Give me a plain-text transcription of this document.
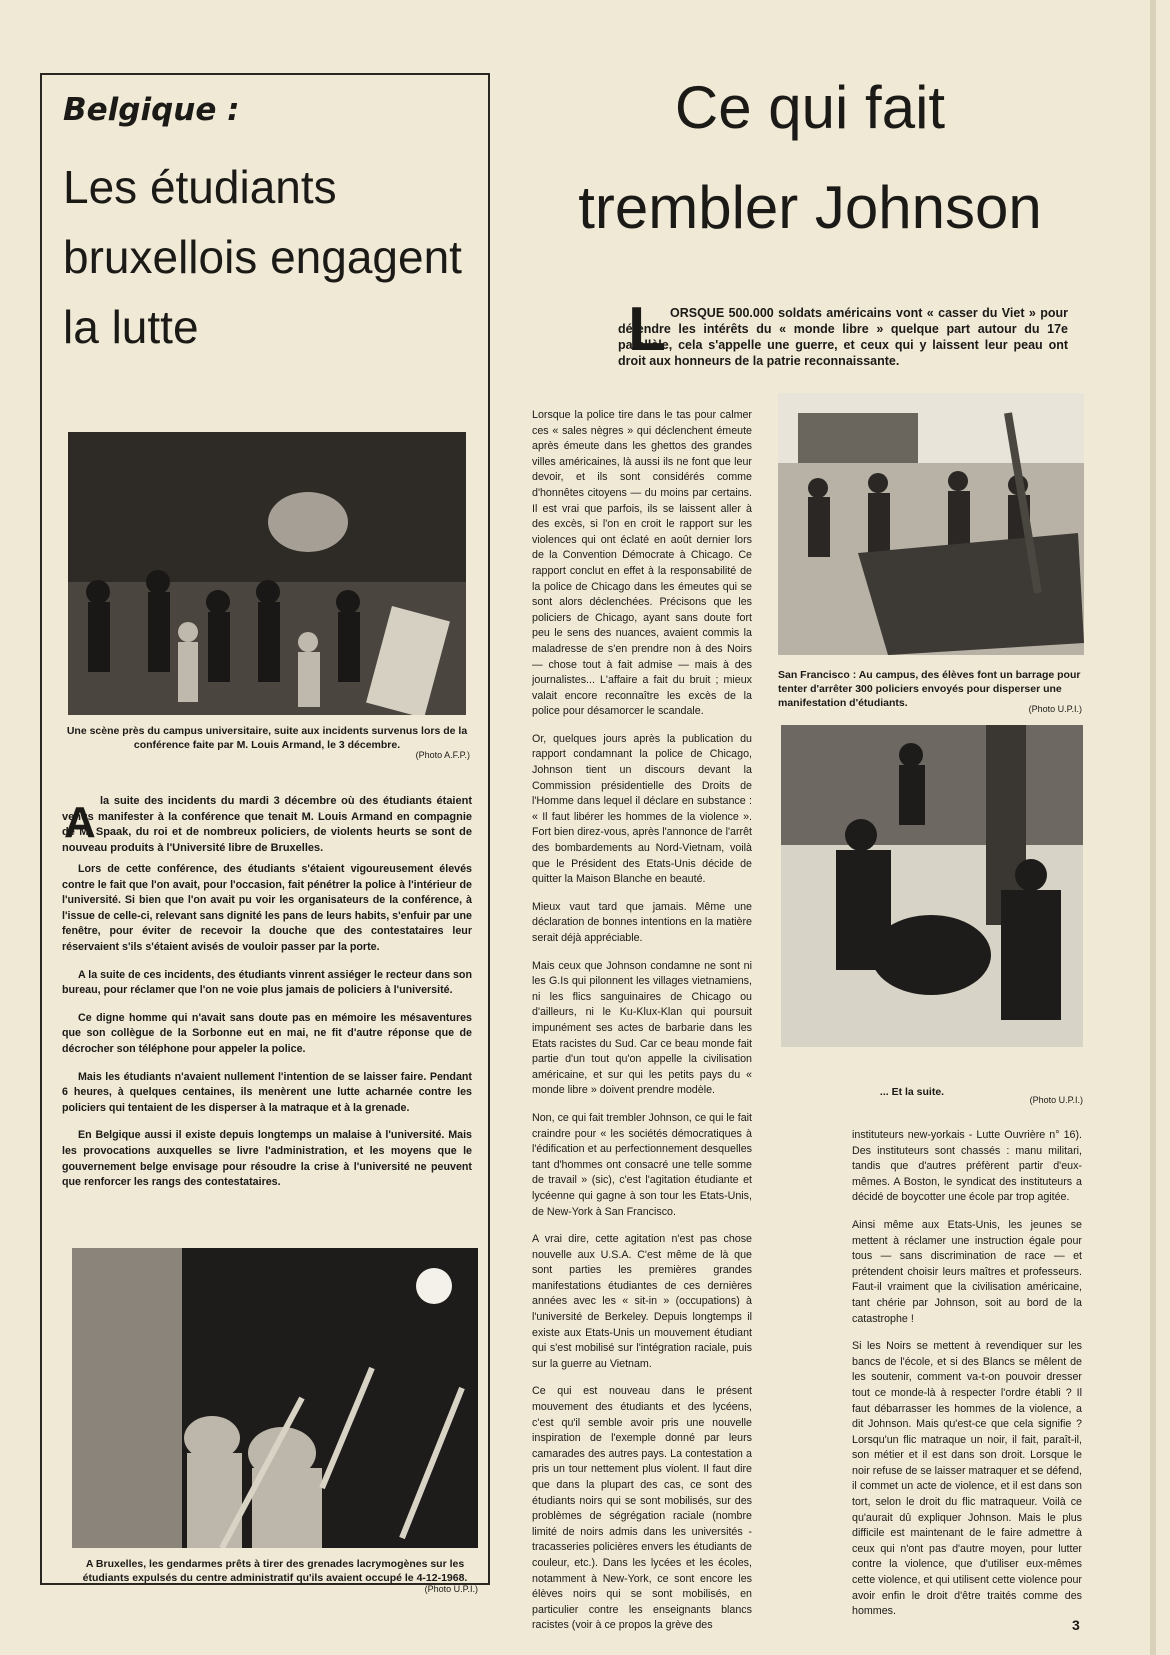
Belgique :
Les étudiants bruxellois engagent la lutte
Une scène près du campus universitaire, suite aux incidents survenus lors de la conférence faite par M. Louis Armand, le 3 décembre.
(Photo A.F.P.)
A la suite des incidents du mardi 3 décembre où des étudiants étaient venus manifester à la conférence que tenait M. Louis Armand en compagnie de M. Spaak, du roi et de nombreux policiers, de violents heurts se sont de nouveau produits à l'Université libre de Bruxelles.

Lors de cette conférence, des étudiants s'étaient vigoureusement élevés contre le fait que l'on avait, pour l'occasion, fait pénétrer la police à l'intérieur de l'université. Si bien que l'on avait pu voir les organisateurs de la conférence, à l'issue de celle-ci, relevant sans dignité les pans de leurs habits, s'enfuir par une fenêtre, pour éviter de recevoir la douche que des contestataires leur réservaient s'ils s'étaient avisés de vouloir passer par la porte.

A la suite de ces incidents, des étudiants vinrent assiéger le recteur dans son bureau, pour réclamer que l'on ne voie plus jamais de policiers à l'université.

Ce digne homme qui n'avait sans doute pas en mémoire les mésaventures que son collègue de la Sorbonne eut en mai, ne fit d'autre réponse que de décrocher son téléphone pour appeler la police.

Mais les étudiants n'avaient nullement l'intention de se laisser faire. Pendant 6 heures, à quelques centaines, ils menèrent une lutte acharnée contre les policiers qui tentaient de les disperser à la matraque et à la grenade.

En Belgique aussi il existe depuis longtemps un malaise à l'université. Mais les provocations auxquelles se livre l'administration, et les moyens que le gouvernement belge envisage pour résoudre la crise à l'université ne peuvent que renforcer les rangs des contestataires.

A Bruxelles, les gendarmes prêts à tirer des grenades lacrymogènes sur les étudiants expulsés du centre administratif qu'ils avaient occupé le 4-12-1968.
(Photo U.P.I.)
Ce qui fait
trembler Johnson
L ORSQUE 500.000 soldats américains vont « casser du Viet » pour défendre les intérêts du « monde libre » quelque part autour du 17e parallèle, cela s'appelle une guerre, et ceux qui y laissent leur peau ont droit aux honneurs de la patrie reconnaissante.

Lorsque la police tire dans le tas pour calmer ces « sales nègres » qui déclenchent émeute après émeute dans les ghettos des grandes villes américaines, là aussi ils ne font que leur devoir, et ils sont considérés comme d'honnêtes citoyens — du moins par certains. Il est vrai que parfois, ils se laissent aller à des excès, si l'on en croit le rapport sur les violences qui ont éclaté en août dernier lors de la Convention Démocrate à Chicago. Ce rapport conclut en effet à la responsabilité de la police de Chicago dans les émeutes qui se sont alors déclenchées. Précisons que les policiers de Chicago, ayant sans doute fort peu le sens des nuances, avaient commis la maladresse de s'en prendre non à des Noirs — chose tout à fait admise — mais à des journalistes... L'affaire a fait du bruit ; mieux valait encore reconnaître les excès de la police pour désamorcer le scandale.

Or, quelques jours après la publication du rapport condamnant la police de Chicago, Johnson tient un discours devant la Commission présidentielle des Droits de l'Homme dans lequel il déclare en substance : « Il faut libérer les hommes de la violence ». Fort bien direz-vous, après l'annonce de l'arrêt des bombardements au Nord-Vietnam, voilà que le Président des Etats-Unis décide de quitter la Maison Blanche en beauté.

Mieux vaut tard que jamais. Même une déclaration de bonnes intentions en la matière serait déjà appréciable.

Mais ceux que Johnson condamne ne sont ni les G.Is qui pilonnent les villages vietnamiens, ni les flics sanguinaires de Chicago ou d'ailleurs, ni le Ku-Klux-Klan qui poursuit impunément ses actes de barbarie dans les Etats racistes du Sud. Car ce beau monde fait partie d'un tout qu'on appelle la civilisation américaine, et sur qui les petits pays du « monde libre » doivent prendre modèle.

Non, ce qui fait trembler Johnson, ce qui le fait craindre pour « les sociétés démocratiques à l'édification et au perfectionnement desquelles tant d'hommes ont consacré une telle somme de travail » (sic), c'est l'agitation étudiante et lycéenne qui gagne à son tour les Etats-Unis, de New-York à San Francisco.

A vrai dire, cette agitation n'est pas chose nouvelle aux U.S.A. C'est même de là que sont parties les premières grandes manifestations étudiantes de ces dernières années avec les « sit-in » (occupations) à l'université de Berkeley. Depuis longtemps il existe aux Etats-Unis un mouvement étudiant qui s'est mobilisé sur l'intégration raciale, puis sur la guerre au Vietnam.

Ce qui est nouveau dans le présent mouvement des étudiants et des lycéens, c'est qu'il semble avoir pris une nouvelle inspiration de l'exemple donné par leurs camarades des autres pays. La contestation a pris un tour nettement plus violent. Il faut dire que dans la plupart des cas, ce sont des étudiants noirs qui se sont mobilisés, sur des problèmes de ségrégation raciale (nombre limité de noirs admis dans les universités - tracasseries policières envers les étudiants de couleur, etc.). Dans les lycées et les écoles, notamment à New-York, ce sont encore les élèves noirs qui se sont mobilisés, en particulier contre les enseignants blancs racistes (voir à ce propos la grève des

San Francisco : Au campus, des élèves font un barrage pour tenter d'arrêter 300 policiers envoyés pour disperser une manifestation d'étudiants.	(Photo U.P.I.)
... Et la suite.
(Photo U.P.I.)

instituteurs new-yorkais - Lutte Ouvrière n° 16). Des instituteurs sont chassés : manu militari, tandis que d'autres préfèrent partir d'eux-mêmes. A Boston, le syndicat des instituteurs a décidé de boycotter une école par trop agitée.

Ainsi même aux Etats-Unis, les jeunes se mettent à réclamer une instruction égale pour tous — sans discrimination de race — et prétendent choisir leurs maîtres et professeurs. Faut-il vraiment que la civilisation américaine, tant chérie par Johnson, soit au bord de la catastrophe !

Si les Noirs se mettent à revendiquer sur les bancs de l'école, et si des Blancs se mêlent de les soutenir, comment va-t-on pouvoir dresser tout ce monde-là à respecter l'ordre établi ? Il faut débarrasser les hommes de la violence, a dit Johnson. Mais qu'est-ce que cela signifie ? Lorsqu'un flic matraque un noir, il fait, paraît-il, son métier et il est dans son droit. Lorsque le noir refuse de se laisser matraquer et se défend, il commet un acte de violence, et il est dans son tort, selon le droit du flic matraqueur. Voilà ce qu'aurait dû expliquer Johnson. Mais le plus difficile est maintenant de le faire admettre à ceux qui n'ont pas d'autre moyen, pour lutter contre la violence, que d'utiliser eux-mêmes cette violence, et qui utilisent cette violence pour avoir enfin le droit d'être traités comme des hommes.

3
